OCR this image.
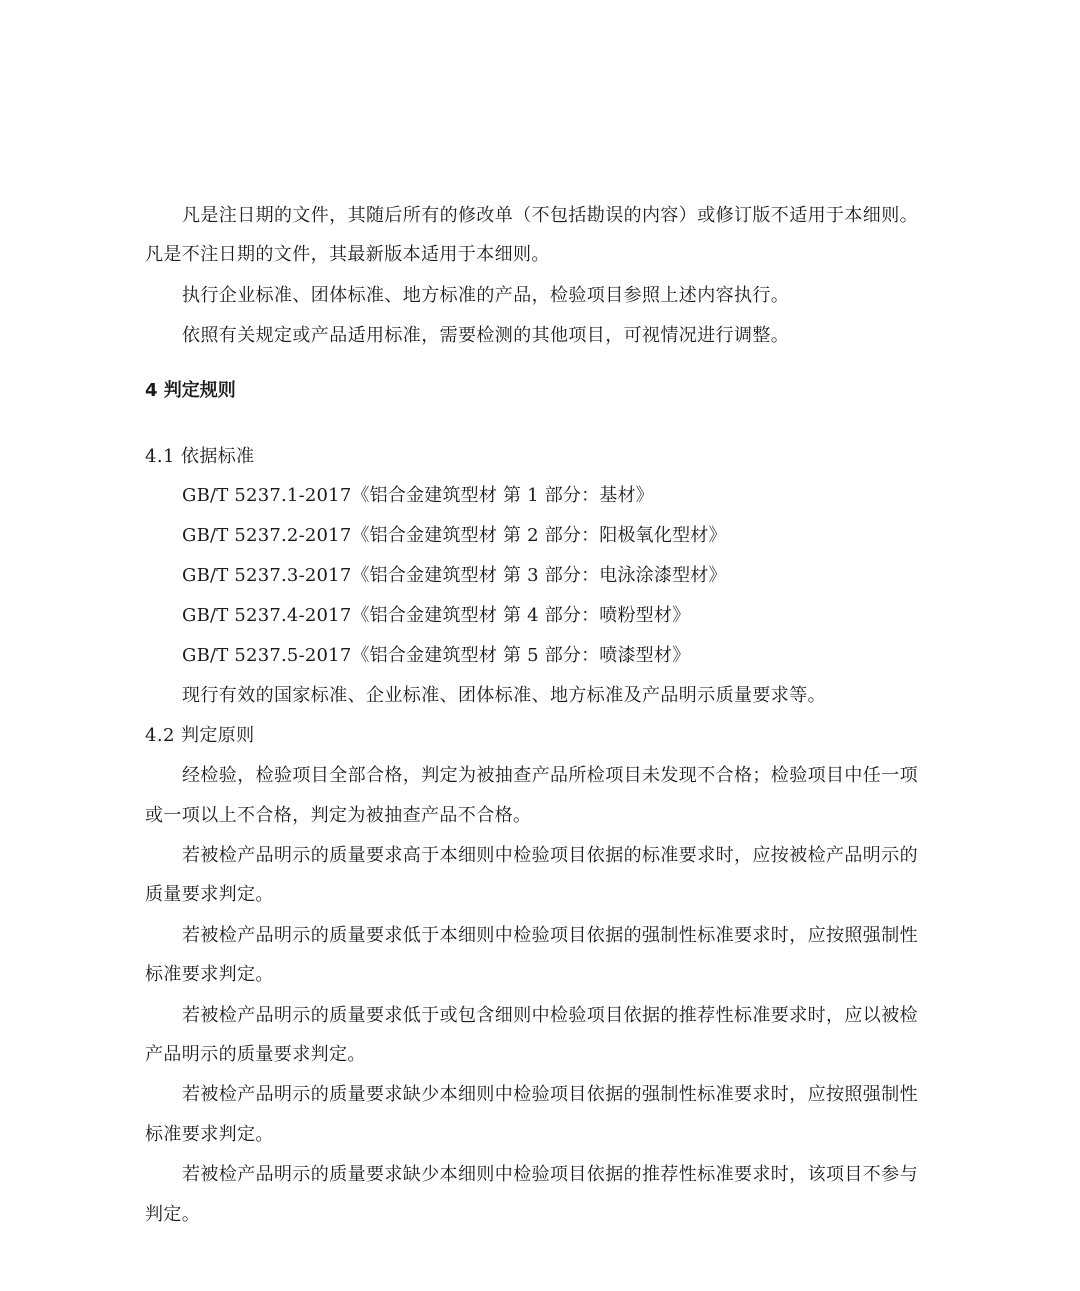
凡是注日期的文件，其随后所有的修改单（不包括勘误的内容）或修订版不适用于本细则。
凡是不注日期的文件，其最新版本适用于本细则。
执行企业标准、团体标准、地方标准的产品，检验项目参照上述内容执行。
依照有关规定或产品适用标准，需要检测的其他项目，可视情况进行调整。
4 判定规则
4.1 依据标准
GB/T 5237.1-2017《铝合金建筑型材 第 1 部分：基材》
GB/T 5237.2-2017《铝合金建筑型材 第 2 部分：阳极氧化型材》
GB/T 5237.3-2017《铝合金建筑型材 第 3 部分：电泳涂漆型材》
GB/T 5237.4-2017《铝合金建筑型材 第 4 部分：喷粉型材》
GB/T 5237.5-2017《铝合金建筑型材 第 5 部分：喷漆型材》
现行有效的国家标准、企业标准、团体标准、地方标准及产品明示质量要求等。
4.2 判定原则
经检验，检验项目全部合格，判定为被抽查产品所检项目未发现不合格；检验项目中任一项
或一项以上不合格，判定为被抽查产品不合格。
若被检产品明示的质量要求高于本细则中检验项目依据的标准要求时，应按被检产品明示的
质量要求判定。
若被检产品明示的质量要求低于本细则中检验项目依据的强制性标准要求时，应按照强制性
标准要求判定。
若被检产品明示的质量要求低于或包含细则中检验项目依据的推荐性标准要求时，应以被检
产品明示的质量要求判定。
若被检产品明示的质量要求缺少本细则中检验项目依据的强制性标准要求时，应按照强制性
标准要求判定。
若被检产品明示的质量要求缺少本细则中检验项目依据的推荐性标准要求时，该项目不参与
判定。
